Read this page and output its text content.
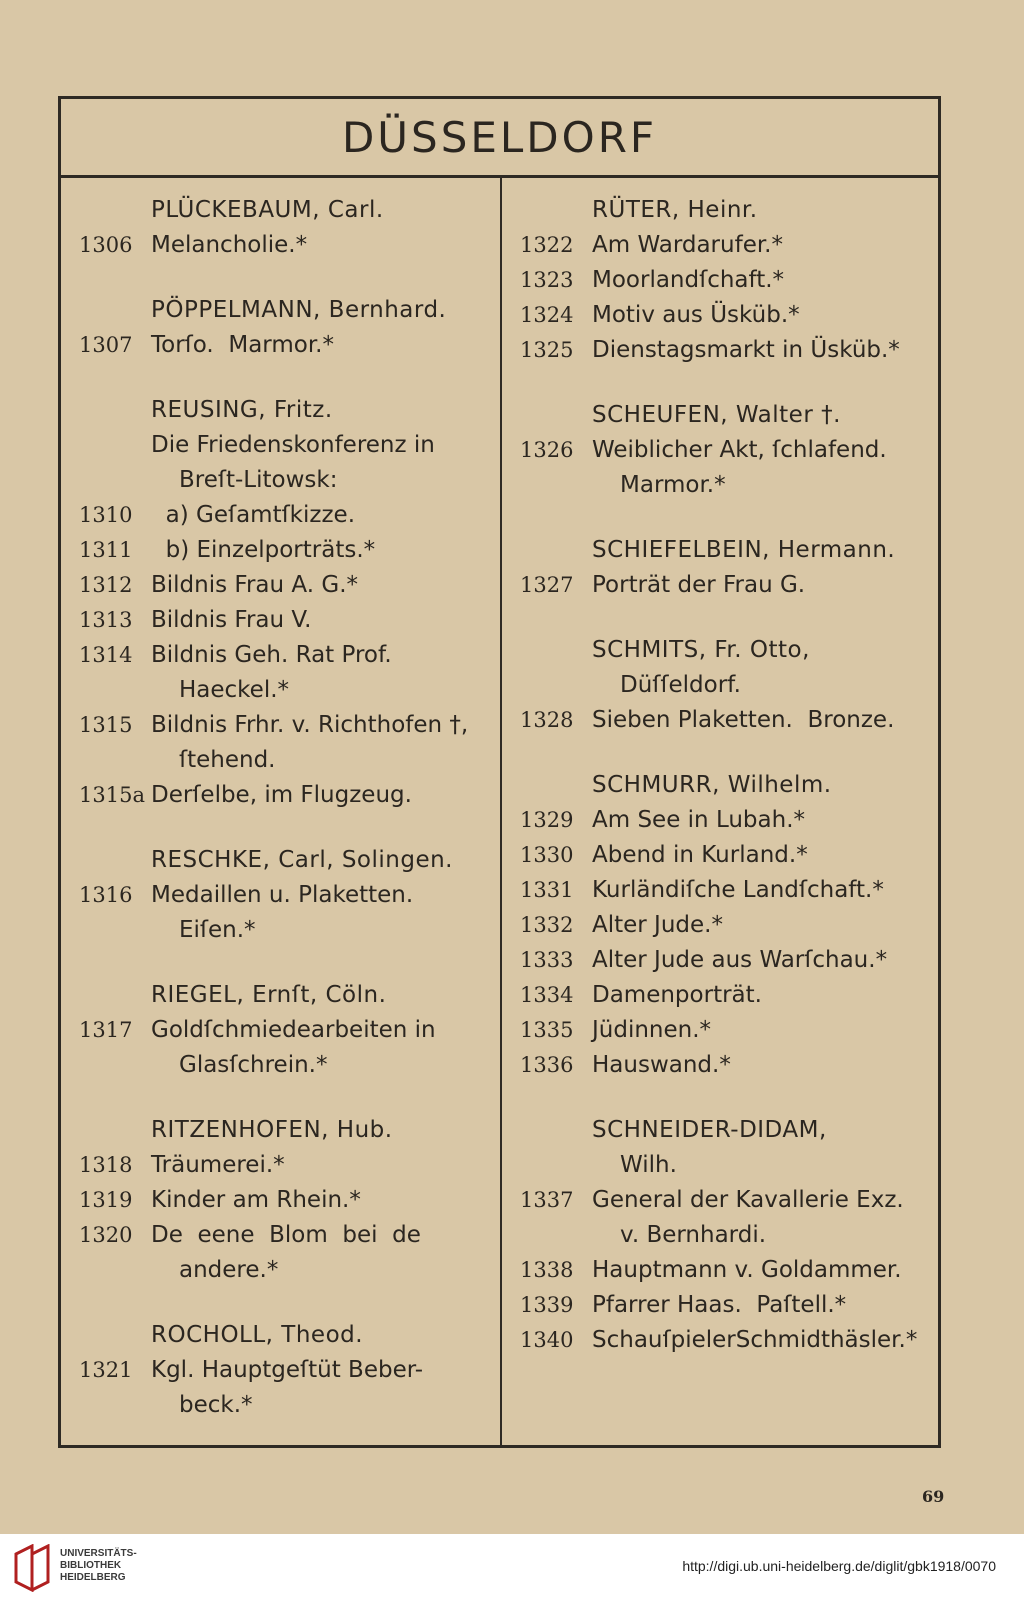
DÜSSELDORF
PLÜCKEBAUM, Carl.
1306 Melancholie.*
PÖPPELMANN, Bernhard.
1307 Torſo.  Marmor.*
REUSING, Fritz.
Die Friedenskonferenz in
Breſt-Litowsk:
1310 a) Geſamtſkizze.
1311 b) Einzelporträts.*
1312 Bildnis Frau A. G.*
1313 Bildnis Frau V.
1314 Bildnis Geh. Rat Prof.
Haeckel.*
1315 Bildnis Frhr. v. Richthofen †,
ſtehend.
1315a Derſelbe, im Flugzeug.
RESCHKE, Carl, Solingen.
1316 Medaillen u. Plaketten.
Eiſen.*
RIEGEL, Ernſt, Cöln.
1317 Goldſchmiedearbeiten in
Glasſchrein.*
RITZENHOFEN, Hub.
1318 Träumerei.*
1319 Kinder am Rhein.*
1320 De  eene  Blom  bei  de
andere.*
ROCHOLL, Theod.
1321 Kgl. Hauptgeſtüt Beber-
beck.*
RÜTER, Heinr.
1322 Am Wardarufer.*
1323 Moorlandſchaft.*
1324 Motiv aus Üsküb.*
1325 Dienstagsmarkt in Üsküb.*
SCHEUFEN, Walter †.
1326 Weiblicher Akt, ſchlafend.
Marmor.*
SCHIEFELBEIN, Hermann.
1327 Porträt der Frau G.
SCHMITS, Fr. Otto,
Düſſeldorf.
1328 Sieben Plaketten.  Bronze.
SCHMURR, Wilhelm.
1329 Am See in Lubah.*
1330 Abend in Kurland.*
1331 Kurländiſche Landſchaft.*
1332 Alter Jude.*
1333 Alter Jude aus Warſchau.*
1334 Damenporträt.
1335 Jüdinnen.*
1336 Hauswand.*
SCHNEIDER-DIDAM,
Wilh.
1337 General der Kavallerie Exz.
v. Bernhardi.
1338 Hauptmann v. Goldammer.
1339 Pfarrer Haas.  Paſtell.*
1340 SchauſpielerSchmidthäsler.*
69
UNIVERSITÄTS-
BIBLIOTHEK
HEIDELBERG
http://digi.ub.uni-heidelberg.de/diglit/gbk1918/0070
